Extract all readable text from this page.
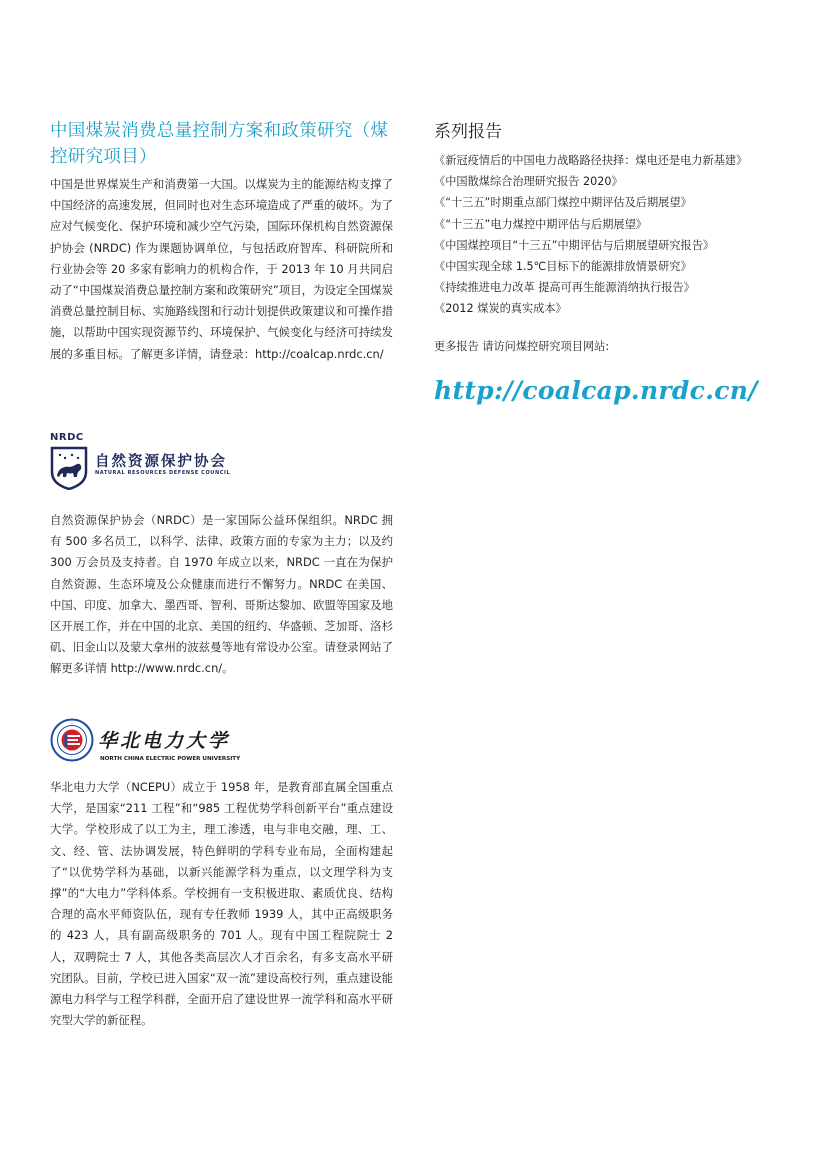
中国煤炭消费总量控制方案和政策研究（煤控研究项目）

中国是世界煤炭生产和消费第一大国。以煤炭为主的能源结构支撑了中国经济的高速发展，但同时也对生态环境造成了严重的破坏。为了应对气候变化、保护环境和减少空气污染，国际环保机构自然资源保护协会 (NRDC) 作为课题协调单位，与包括政府智库、科研院所和行业协会等 20 多家有影响力的机构合作，于 2013 年 10 月共同启动了“中国煤炭消费总量控制方案和政策研究”项目，为设定全国煤炭消费总量控制目标、实施路线图和行动计划提供政策建议和可操作措施，以帮助中国实现资源节约、环境保护、气候变化与经济可持续发展的多重目标。了解更多详情，请登录：http://coalcap.nrdc.cn/

NRDC
自然资源保护协会
NATURAL RESOURCES DEFENSE COUNCIL

自然资源保护协会（NRDC）是一家国际公益环保组织。NRDC 拥有 500 多名员工，以科学、法律、政策方面的专家为主力；以及约 300 万会员及支持者。自 1970 年成立以来，NRDC 一直在为保护自然资源、生态环境及公众健康而进行不懈努力。NRDC 在美国、中国、印度、加拿大、墨西哥、智利、哥斯达黎加、欧盟等国家及地区开展工作，并在中国的北京、美国的纽约、华盛顿、芝加哥、洛杉矶、旧金山以及蒙大拿州的波兹曼等地有常设办公室。请登录网站了解更多详情 http://www.nrdc.cn/。

华北电力大学
NORTH CHINA ELECTRIC POWER UNIVERSITY

华北电力大学（NCEPU）成立于 1958 年，是教育部直属全国重点大学，是国家“211 工程”和“985 工程优势学科创新平台”重点建设大学。学校形成了以工为主，理工渗透，电与非电交融，理、工、文、经、管、法协调发展，特色鲜明的学科专业布局，全面构建起了“以优势学科为基础，以新兴能源学科为重点，以文理学科为支撑”的“大电力”学科体系。学校拥有一支积极进取、素质优良、结构合理的高水平师资队伍，现有专任教师 1939 人，其中正高级职务的 423 人，具有副高级职务的 701 人。现有中国工程院院士 2 人，双聘院士 7 人，其他各类高层次人才百余名，有多支高水平研究团队。目前，学校已进入国家“双一流”建设高校行列，重点建设能源电力科学与工程学科群，全面开启了建设世界一流学科和高水平研究型大学的新征程。

系列报告
《新冠疫情后的中国电力战略路径抉择：煤电还是电力新基建》
《中国散煤综合治理研究报告 2020》
《“十三五”时期重点部门煤控中期评估及后期展望》
《“十三五”电力煤控中期评估与后期展望》
《中国煤控项目“十三五”中期评估与后期展望研究报告》
《中国实现全球 1.5℃目标下的能源排放情景研究》
《持续推进电力改革 提高可再生能源消纳执行报告》
《2012 煤炭的真实成本》
更多报告 请访问煤控研究项目网站:
http://coalcap.nrdc.cn/
